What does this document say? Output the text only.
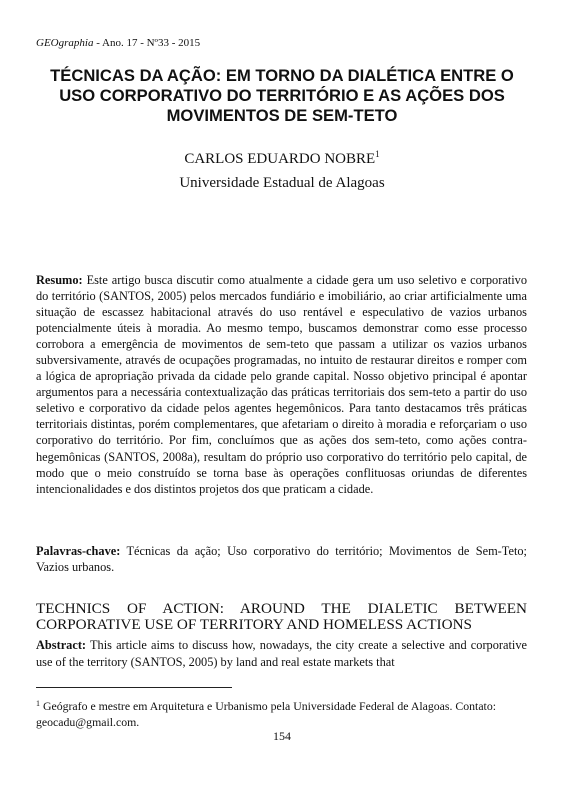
GEOgraphia - Ano. 17 - Nº33 - 2015
TÉCNICAS DA AÇÃO: EM TORNO DA DIALÉTICA ENTRE O USO CORPORATIVO DO TERRITÓRIO E AS AÇÕES DOS MOVIMENTOS DE SEM-TETO
CARLOS EDUARDO NOBRE$^1$
Universidade Estadual de Alagoas
Resumo: Este artigo busca discutir como atualmente a cidade gera um uso seletivo e corporativo do território (SANTOS, 2005) pelos mercados fundiário e imobiliário, ao criar artificialmente uma situação de escassez habitacional através do uso rentável e especulativo de vazios urbanos potencialmente úteis à moradia. Ao mesmo tempo, buscamos demonstrar como esse processo corrobora a emergência de movimentos de sem-teto que passam a utilizar os vazios urbanos subversivamente, através de ocupações programadas, no intuito de restaurar direitos e romper com a lógica de apropriação privada da cidade pelo grande capital. Nosso objetivo principal é apontar argumentos para a necessária contextualização das práticas territoriais dos sem-teto a partir do uso seletivo e corporativo da cidade pelos agentes hegemônicos. Para tanto destacamos três práticas territoriais distintas, porém complementares, que afetariam o direito à moradia e reforçariam o uso corporativo do território. Por fim, concluímos que as ações dos sem-teto, como ações contra-hegemônicas (SANTOS, 2008a), resultam do próprio uso corporativo do território pelo capital, de modo que o meio construído se torna base às operações conflituosas oriundas de diferentes intencionalidades e dos distintos projetos dos que praticam a cidade.
Palavras-chave: Técnicas da ação; Uso corporativo do território; Movimentos de Sem-Teto; Vazios urbanos.
TECHNICS OF ACTION: AROUND THE DIALETIC BETWEEN CORPORATIVE USE OF TERRITORY AND HOMELESS ACTIONS
Abstract: This article aims to discuss how, nowadays, the city create a selective and corporative use of the territory (SANTOS, 2005) by land and real estate markets that
$^1$ Geógrafo e mestre em Arquitetura e Urbanismo pela Universidade Federal de Alagoas. Contato: geocadu@gmail.com.
154
